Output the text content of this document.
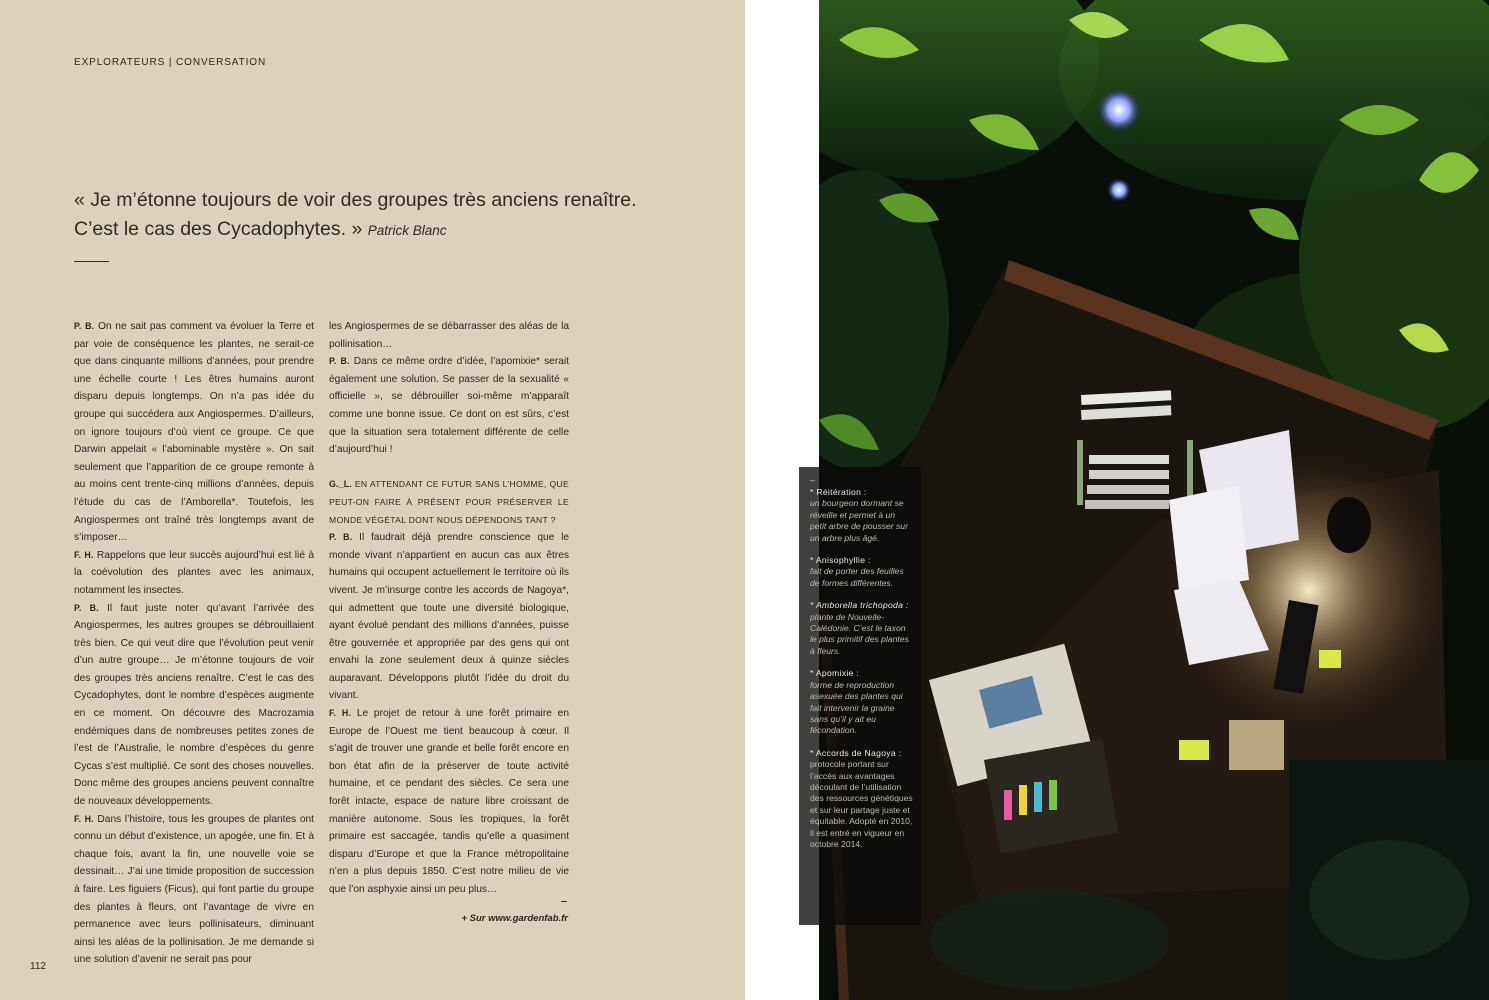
EXPLORATEURS | CONVERSATION
« Je m’étonne toujours de voir des groupes très anciens renaître.
C’est le cas des Cycadophytes. » Patrick Blanc

P. B. On ne sait pas comment va évoluer la Terre et par voie de conséquence les plantes, ne serait-ce que dans cinquante millions d’années, pour prendre une échelle courte ! Les êtres humains auront disparu depuis longtemps. On n’a pas idée du groupe qui succédera aux Angiospermes. D’ailleurs, on ignore toujours d’où vient ce groupe. Ce que Darwin appelait « l’abominable mystère ». On sait seulement que l’apparition de ce groupe remonte à au moins cent trente-cinq millions d’années, depuis l’étude du cas de l’Amborella*. Toutefois, les Angiospermes ont traîné très longtemps avant de s’imposer…

F. H. Rappelons que leur succès aujourd’hui est lié à la coévolution des plantes avec les animaux, notamment les insectes.

P. B. Il faut juste noter qu’avant l’arrivée des Angiospermes, les autres groupes se débrouillaient très bien. Ce qui veut dire que l’évolution peut venir d’un autre groupe… Je m’étonne toujours de voir des groupes très anciens renaître. C’est le cas des Cycadophytes, dont le nombre d’espèces augmente en ce moment. On découvre des Macrozamia endémiques dans de nombreuses petites zones de l’est de l’Australie, le nombre d’espèces du genre Cycas s’est multiplié. Ce sont des choses nouvelles. Donc même des groupes anciens peuvent connaître de nouveaux développements.

F. H. Dans l’histoire, tous les groupes de plantes ont connu un début d’existence, un apogée, une fin. Et à chaque fois, avant la fin, une nouvelle voie se dessinait… J’ai une timide proposition de succession à faire. Les figuiers (Ficus), qui font partie du groupe des plantes à fleurs, ont l’avantage de vivre en permanence avec leurs pollinisateurs, diminuant ainsi les aléas de la pollinisation. Je me demande si une solution d’avenir ne serait pas pour

les Angiospermes de se débarrasser des aléas de la pollinisation…

P. B. Dans ce même ordre d’idée, l’apomixie* serait également une solution. Se passer de la sexualité « officielle », se débrouiller soi-même m’apparaît comme une bonne issue. Ce dont on est sûrs, c’est que la situation sera totalement différente de celle d’aujourd’hui !

G._L. EN ATTENDANT CE FUTUR SANS L’HOMME, QUE PEUT-ON FAIRE À PRÉSENT POUR PRÉSERVER LE MONDE VÉGÉTAL DONT NOUS DÉPENDONS TANT ?

P. B. Il faudrait déjà prendre conscience que le monde vivant n’appartient en aucun cas aux êtres humains qui occupent actuellement le territoire où ils vivent. Je m’insurge contre les accords de Nagoya*, qui admettent que toute une diversité biologique, ayant évolué pendant des millions d’années, puisse être gouvernée et appropriée par des gens qui ont envahi la zone seulement deux à quinze siècles auparavant. Développons plutôt l’idée du droit du vivant.

F. H. Le projet de retour à une forêt primaire en Europe de l’Ouest me tient beaucoup à cœur. Il s’agit de trouver une grande et belle forêt encore en bon état afin de la préserver de toute activité humaine, et ce pendant des siècles. Ce sera une forêt intacte, espace de nature libre croissant de manière autonome. Sous les tropiques, la forêt primaire est saccagée, tandis qu’elle a quasiment disparu d’Europe et que la France métropolitaine n’en a plus depuis 1850. C’est notre milieu de vie que l’on asphyxie ainsi un peu plus…

+ Sur www.gardenfab.fr
112
–
* Réitération :
un bourgeon dormant se réveille et permet à un petit arbre de pousser sur un arbre plus âgé.
* Anisophyllie :
fait de porter des feuilles de formes différentes.
* Amborella trichopoda :
plante de Nouvelle-Calédonie. C’est le taxon le plus primitif des plantes à fleurs.
* Apomixie :
forme de reproduction asexuée des plantes qui fait intervenir la graine sans qu’il y ait eu fécondation.
* Accords de Nagoya :
protocole portant sur l’accès aux avantages découlant de l’utilisation des ressources génétiques et sur leur partage juste et équitable. Adopté en 2010, il est entré en vigueur en octobre 2014.
